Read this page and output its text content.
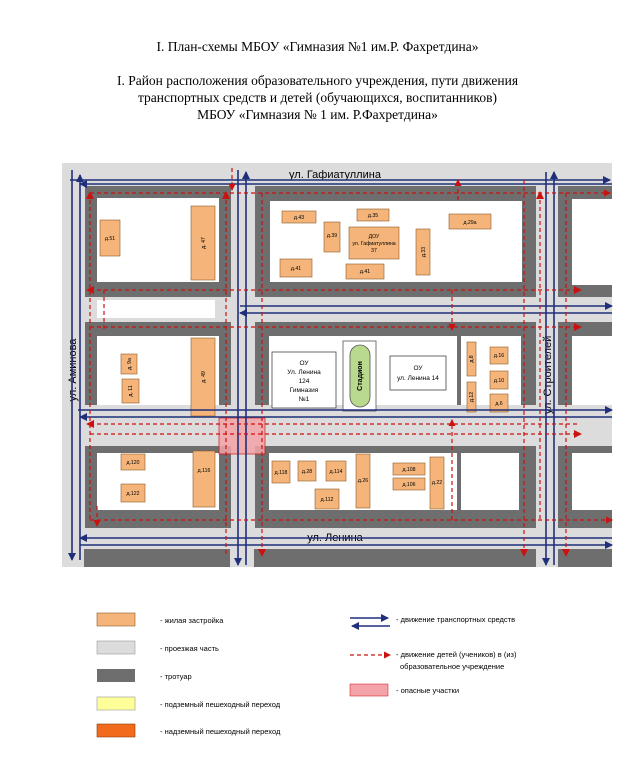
I. План-схемы МБОУ «Гимназия №1 им.Р. Фахретдина»
I. Район расположения образовательного учреждения, пути движения
транспортных средств и детей (обучающихся, воспитанников)
МБОУ «Гимназия № 1 им. Р.Фахретдина»
ул. Гафиатуллина
ул. Аминова	ул. Строителей
ул. Ленина
д.51	д. 47
д.43	д.35
д.29а
д.39	ДОУ
ул. Гафиатуллина
37	д.33
д.41	д.41
д. 9а
д. 11
д. 49
д.8	д.16
д.12
д.10
д.6
д.120
д.122
д.116	д.118	д.28	д.114
д.26
д.112
д.108
д.106	д.22
ОУ
Ул. Ленина
124
Гимназия
№1
Стадион	ОУ
ул. Ленина 14
- жилая застройка
- проезжая часть
- тротуар
- подземный пешеходный переход
- надземный пешеходный переход
- движение транспортных средств
- движение детей (учеников) в (из)
образовательное учреждение
- опасные участки
